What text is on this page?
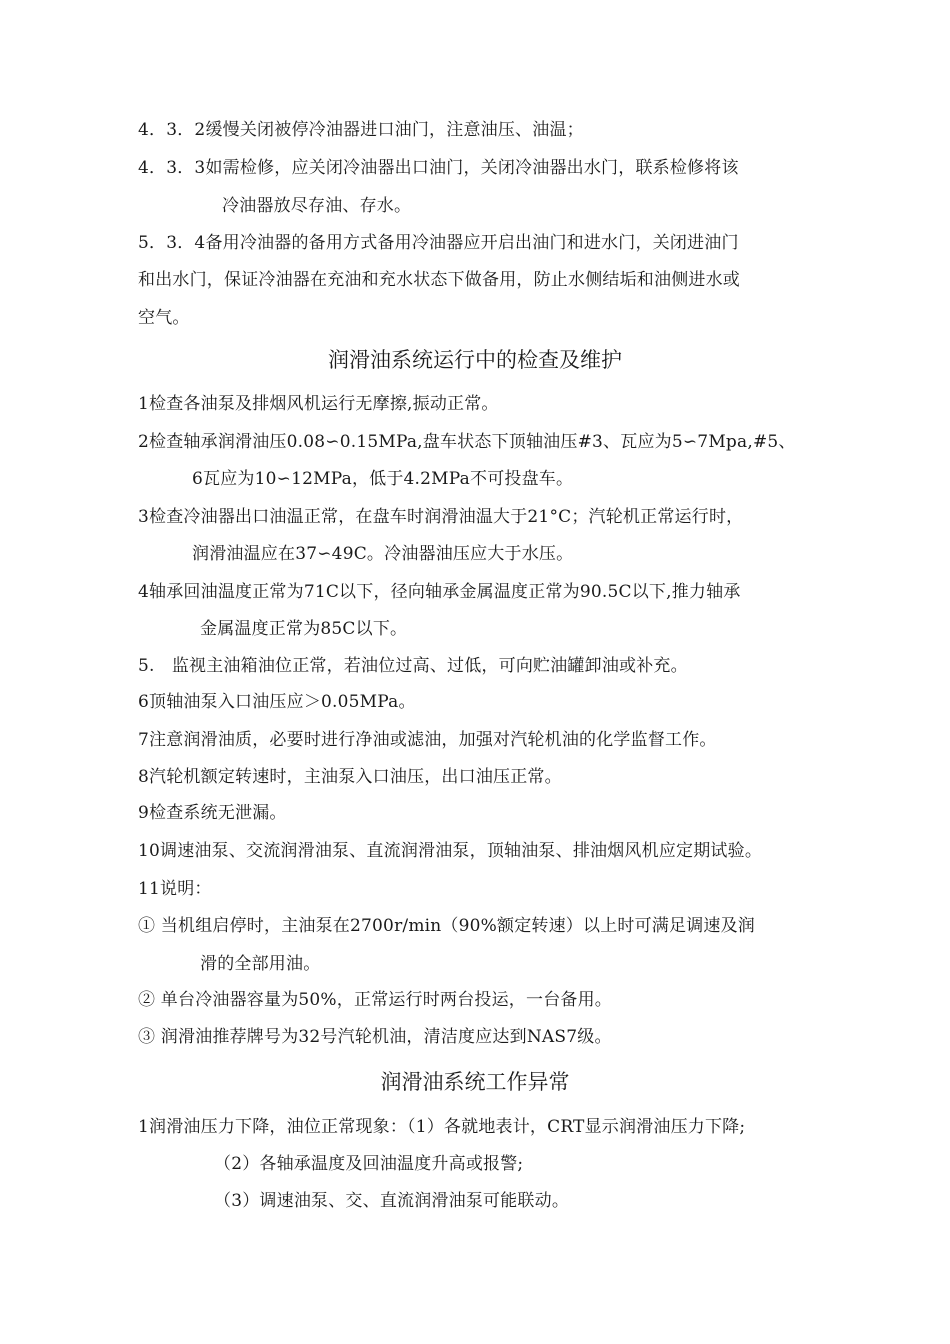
4．3．2缓慢关闭被停冷油器进口油门，注意油压、油温；
4．3．3如需检修，应关闭冷油器出口油门，关闭冷油器出水门，联系检修将该
冷油器放尽存油、存水。
5．3．4备用冷油器的备用方式备用冷油器应开启出油门和进水门，关闭进油门
和出水门，保证冷油器在充油和充水状态下做备用，防止水侧结垢和油侧进水或
空气。
润滑油系统运行中的检查及维护
1检查各油泵及排烟风机运行无摩擦,振动正常。
2检查轴承润滑油压0.08∽0.15MPa,盘车状态下顶轴油压#3、瓦应为5∽7Mpa,#5、
6瓦应为10∽12MPa，低于4.2MPa不可投盘车。
3检查冷油器出口油温正常，在盘车时润滑油温大于21°C；汽轮机正常运行时，
润滑油温应在37∽49C。冷油器油压应大于水压。
4轴承回油温度正常为71C以下，径向轴承金属温度正常为90.5C以下,推力轴承
金属温度正常为85C以下。
5.　监视主油箱油位正常，若油位过高、过低，可向贮油罐卸油或补充。
6顶轴油泵入口油压应＞0.05MPa。
7注意润滑油质，必要时进行净油或滤油，加强对汽轮机油的化学监督工作。
8汽轮机额定转速时，主油泵入口油压，出口油压正常。
9检查系统无泄漏。
10调速油泵、交流润滑油泵、直流润滑油泵，顶轴油泵、排油烟风机应定期试验。
11说明：
① 当机组启停时，主油泵在2700r/min（90%额定转速）以上时可满足调速及润
滑的全部用油。
② 单台冷油器容量为50%，正常运行时两台投运，一台备用。
③ 润滑油推荐牌号为32号汽轮机油，清洁度应达到NAS7级。
润滑油系统工作异常
1润滑油压力下降，油位正常现象：（1）各就地表计，CRT显示润滑油压力下降;
（2）各轴承温度及回油温度升高或报警;
（3）调速油泵、交、直流润滑油泵可能联动。
